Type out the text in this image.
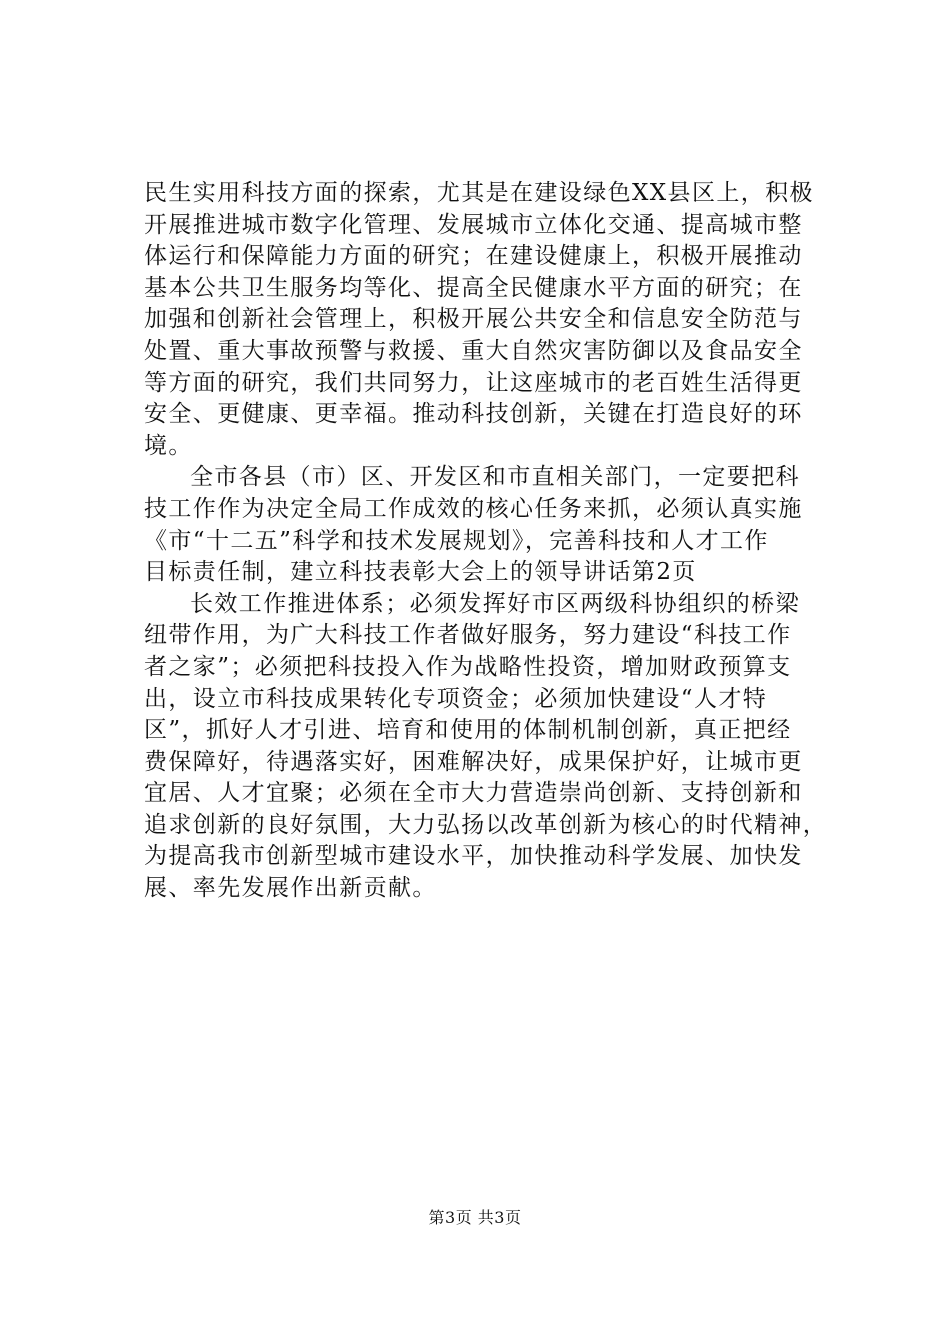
民生实用科技方面的探索，尤其是在建设绿色XX县区上，积极
开展推进城市数字化管理、发展城市立体化交通、提高城市整
体运行和保障能力方面的研究；在建设健康上，积极开展推动
基本公共卫生服务均等化、提高全民健康水平方面的研究；在
加强和创新社会管理上，积极开展公共安全和信息安全防范与
处置、重大事故预警与救援、重大自然灾害防御以及食品安全
等方面的研究，我们共同努力，让这座城市的老百姓生活得更
安全、更健康、更幸福。推动科技创新，关键在打造良好的环
境。
全市各县（市）区、开发区和市直相关部门，一定要把科
技工作作为决定全局工作成效的核心任务来抓，必须认真实施
《市“十二五”科学和技术发展规划》，完善科技和人才工作
目标责任制，建立科技表彰大会上的领导讲话第2页
长效工作推进体系；必须发挥好市区两级科协组织的桥梁
纽带作用，为广大科技工作者做好服务，努力建设“科技工作
者之家”；必须把科技投入作为战略性投资，增加财政预算支
出，设立市科技成果转化专项资金；必须加快建设“人才特
区”，抓好人才引进、培育和使用的体制机制创新，真正把经
费保障好，待遇落实好，困难解决好，成果保护好，让城市更
宜居、人才宜聚；必须在全市大力营造崇尚创新、支持创新和
追求创新的良好氛围，大力弘扬以改革创新为核心的时代精神，
为提高我市创新型城市建设水平，加快推动科学发展、加快发
展、率先发展作出新贡献。
第3页 共3页
